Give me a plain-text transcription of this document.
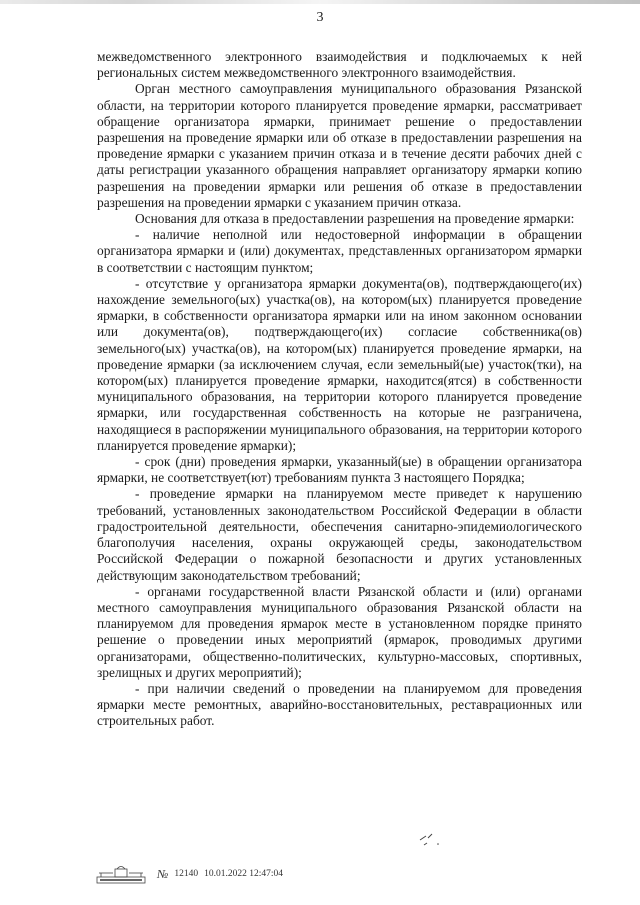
3

межведомственного электронного взаимодействия и подключаемых к ней региональных систем межведомственного электронного взаимодействия.

Орган местного самоуправления муниципального образования Рязанской области, на территории которого планируется проведение ярмарки, рассматривает обращение организатора ярмарки, принимает решение о предоставлении разрешения на проведение ярмарки или об отказе в предоставлении разрешения на проведение ярмарки с указанием причин отказа и в течение десяти рабочих дней с даты регистрации указанного обращения направляет организатору ярмарки копию разрешения на проведении ярмарки или решения об отказе в предоставлении разрешения на проведении ярмарки с указанием причин отказа.

Основания для отказа в предоставлении разрешения на проведение ярмарки:

- наличие неполной или недостоверной информации в обращении организатора ярмарки и (или) документах, представленных организатором ярмарки в соответствии с настоящим пунктом;

- отсутствие у организатора ярмарки документа(ов), подтверждающего(их) нахождение земельного(ых) участка(ов), на котором(ых) планируется проведение ярмарки, в собственности организатора ярмарки или на ином законном основании или документа(ов), подтверждающего(их) согласие собственника(ов) земельного(ых) участка(ов), на котором(ых) планируется проведение ярмарки, на проведение ярмарки (за исключением случая, если земельный(ые) участок(тки), на котором(ых) планируется проведение ярмарки, находится(ятся) в собственности муниципального образования, на территории которого планируется проведение ярмарки, или государственная собственность на которые не разграничена, находящиеся в распоряжении муниципального образования, на территории которого планируется проведение ярмарки);

- срок (дни) проведения ярмарки, указанный(ые) в обращении организатора ярмарки, не соответствует(ют) требованиям пункта 3 настоящего Порядка;

- проведение ярмарки на планируемом месте приведет к нарушению требований, установленных законодательством Российской Федерации в области градостроительной деятельности, обеспечения санитарно-эпидемиологического благополучия населения, охраны окружающей среды, законодательством Российской Федерации о пожарной безопасности и других установленных действующим законодательством требований;

- органами государственной власти Рязанской области и (или) органами местного самоуправления муниципального образования Рязанской области на планируемом для проведения ярмарок месте в установленном порядке принято решение о проведении иных мероприятий (ярмарок, проводимых другими организаторами, общественно-политических, культурно-массовых, спортивных, зрелищных и других мероприятий);

- при наличии сведений о проведении на планируемом для проведения ярмарки месте ремонтных, аварийно-восстановительных, реставрационных или строительных работ.

№ 12140 10.01.2022 12:47:04
